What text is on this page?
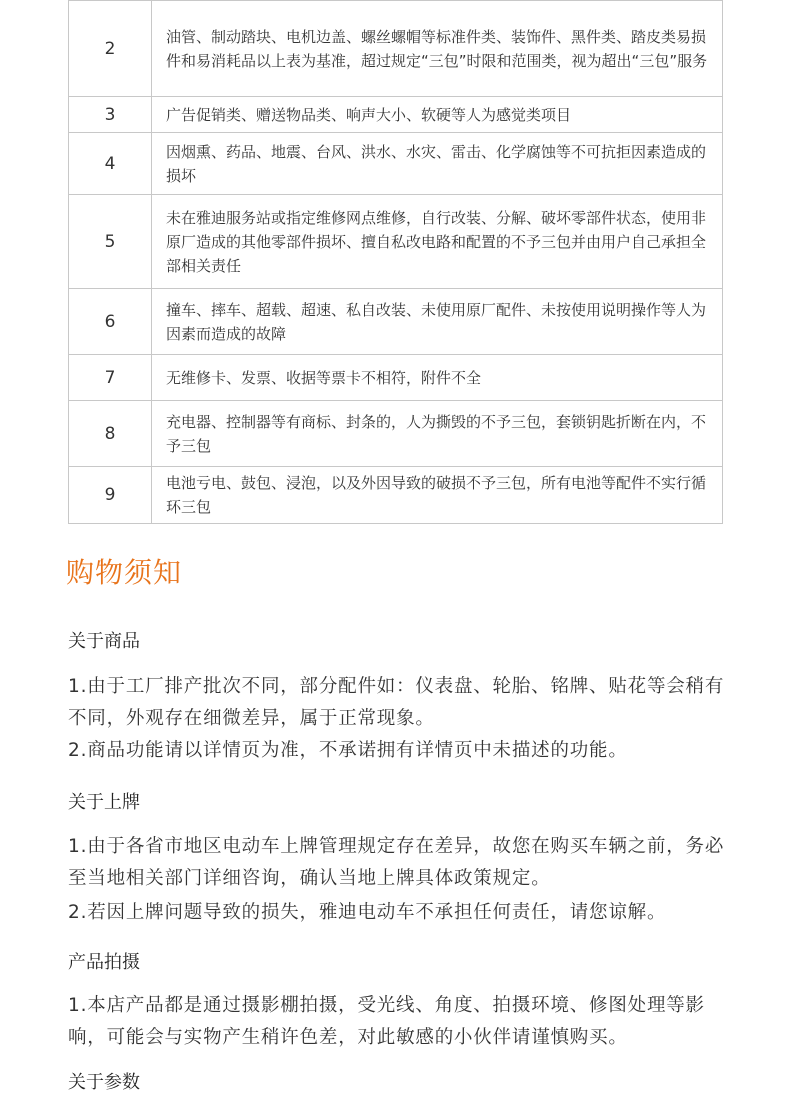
2	油管、制动踏块、电机边盖、螺丝螺帽等标准件类、装饰件、黑件类、踏皮类易损件和易消耗品以上表为基准，超过规定“三包”时限和范围类，视为超出“三包”服务
3	广告促销类、赠送物品类、响声大小、软硬等人为感觉类项目
4	因烟熏、药品、地震、台风、洪水、水灾、雷击、化学腐蚀等不可抗拒因素造成的损坏
5	未在雅迪服务站或指定维修网点维修，自行改装、分解、破坏零部件状态，使用非原厂造成的其他零部件损坏、擅自私改电路和配置的不予三包并由用户自己承担全部相关责任
6	撞车、摔车、超载、超速、私自改装、未使用原厂配件、未按使用说明操作等人为因素而造成的故障
7	无维修卡、发票、收据等票卡不相符，附件不全
8	充电器、控制器等有商标、封条的，人为撕毁的不予三包，套锁钥匙折断在内，不予三包
9	电池亏电、鼓包、浸泡，以及外因导致的破损不予三包，所有电池等配件不实行循环三包
购物须知
关于商品

1.由于工厂排产批次不同，部分配件如：仪表盘、轮胎、铭牌、贴花等会稍有不同，外观存在细微差异，属于正常现象。

2.商品功能请以详情页为准，不承诺拥有详情页中未描述的功能。

关于上牌

1.由于各省市地区电动车上牌管理规定存在差异，故您在购买车辆之前，务必至当地相关部门详细咨询，确认当地上牌具体政策规定。

2.若因上牌问题导致的损失，雅迪电动车不承担任何责任，请您谅解。

产品拍摄

1.本店产品都是通过摄影棚拍摄，受光线、角度、拍摄环境、修图处理等影响，可能会与实物产生稍许色差，对此敏感的小伙伴请谨慎购买。

关于参数
